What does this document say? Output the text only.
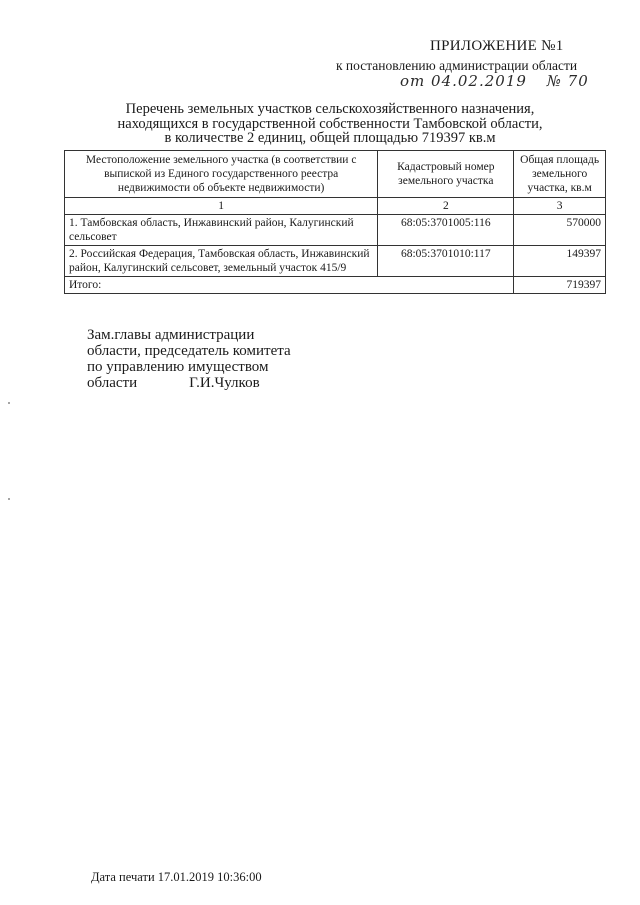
ПРИЛОЖЕНИЕ №1
к постановлению администрации области
от 04.02.2019 № 70
Перечень земельных участков сельскохозяйственного назначения,
находящихся в государственной собственности Тамбовской области,
в количестве 2 единиц, общей площадью 719397 кв.м
Местоположение земельного участка (в соответствии с выпиской из Единого государственного реестра недвижимости об объекте недвижимости)	Кадастровый номер земельного участка	Общая площадь земельного участка, кв.м
1	2	3
1. Тамбовская область, Инжавинский район, Калугинский сельсовет	68:05:3701005:116	570000
2. Российская Федерация, Тамбовская область, Инжавинский район, Калугинский сельсовет, земельный участок 415/9	68:05:3701010:117	149397
Итого:		719397
Зам.главы администрации
области, председатель комитета
по управлению имуществом
области	Г.И.Чулков
Дата печати 17.01.2019 10:36:00
